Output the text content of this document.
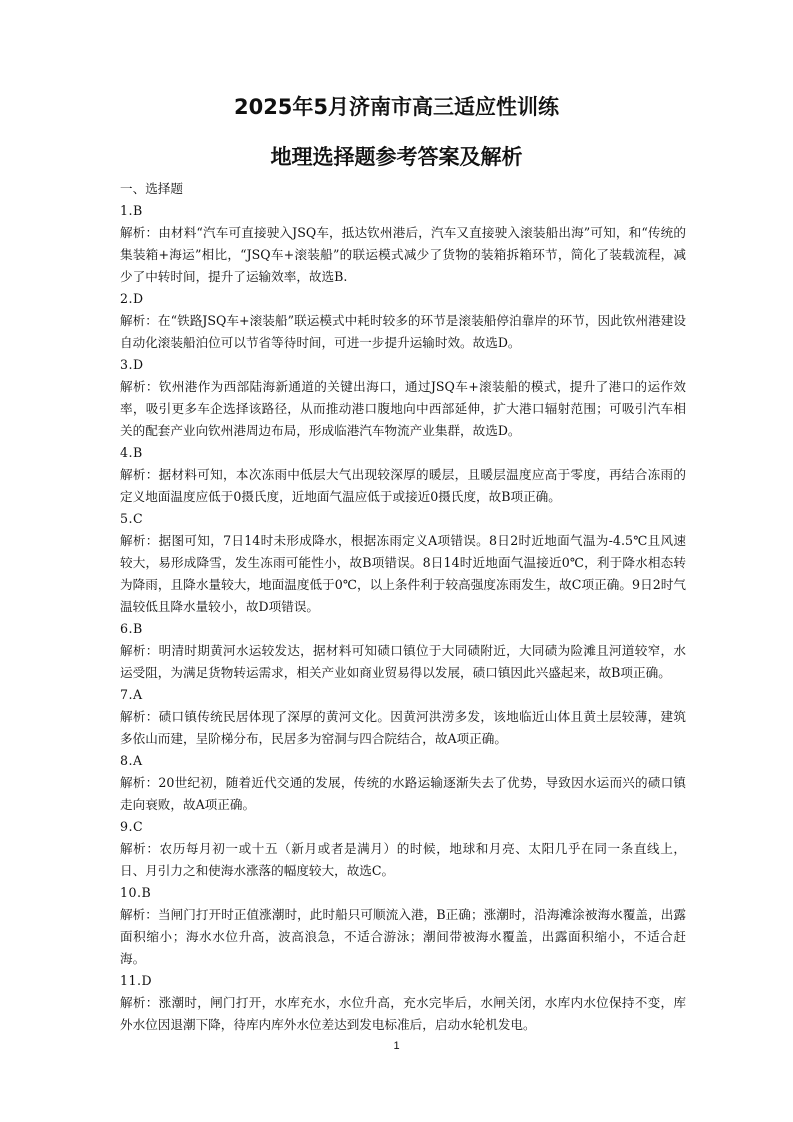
2025年5月济南市高三适应性训练
地理选择题参考答案及解析

一、选择题

1.B

解析：由材料“汽车可直接驶入JSQ车，抵达钦州港后，汽车又直接驶入滚装船出海”可知，和“传统的集装箱+海运”相比，“JSQ车+滚装船”的联运模式减少了货物的装箱拆箱环节，简化了装载流程，减少了中转时间，提升了运输效率，故选B.

2.D

解析：在“铁路JSQ车+滚装船”联运模式中耗时较多的环节是滚装船停泊靠岸的环节，因此钦州港建设自动化滚装船泊位可以节省等待时间，可进一步提升运输时效。故选D。

3.D

解析：钦州港作为西部陆海新通道的关键出海口，通过JSQ车+滚装船的模式，提升了港口的运作效率，吸引更多车企选择该路径，从而推动港口腹地向中西部延伸，扩大港口辐射范围；可吸引汽车相关的配套产业向钦州港周边布局，形成临港汽车物流产业集群，故选D。

4.B

解析：据材料可知，本次冻雨中低层大气出现较深厚的暖层，且暖层温度应高于零度，再结合冻雨的定义地面温度应低于0摄氏度，近地面气温应低于或接近0摄氏度，故B项正确。

5.C

解析：据图可知，7日14时未形成降水，根据冻雨定义A项错误。8日2时近地面气温为-4.5℃且风速较大，易形成降雪，发生冻雨可能性小，故B项错误。8日14时近地面气温接近0℃，利于降水相态转为降雨，且降水量较大，地面温度低于0℃，以上条件利于较高强度冻雨发生，故C项正确。9日2时气温较低且降水量较小，故D项错误。

6.B

解析：明清时期黄河水运较发达，据材料可知碛口镇位于大同碛附近，大同碛为险滩且河道较窄，水运受阻，为满足货物转运需求，相关产业如商业贸易得以发展，碛口镇因此兴盛起来，故B项正确。

7.A

解析：碛口镇传统民居体现了深厚的黄河文化。因黄河洪涝多发，该地临近山体且黄土层较薄，建筑多依山而建，呈阶梯分布，民居多为窑洞与四合院结合，故A项正确。

8.A

解析：20世纪初，随着近代交通的发展，传统的水路运输逐渐失去了优势，导致因水运而兴的碛口镇走向衰败，故A项正确。

9.C

解析：农历每月初一或十五（新月或者是满月）的时候，地球和月亮、太阳几乎在同一条直线上，日、月引力之和使海水涨落的幅度较大，故选C。

10.B

解析：当闸门打开时正值涨潮时，此时船只可顺流入港，B正确；涨潮时，沿海滩涂被海水覆盖，出露面积缩小；海水水位升高，波高浪急，不适合游泳；潮间带被海水覆盖，出露面积缩小，不适合赶海。

11.D

解析：涨潮时，闸门打开，水库充水，水位升高，充水完毕后，水闸关闭，水库内水位保持不变，库外水位因退潮下降，待库内库外水位差达到发电标准后，启动水轮机发电。

1
